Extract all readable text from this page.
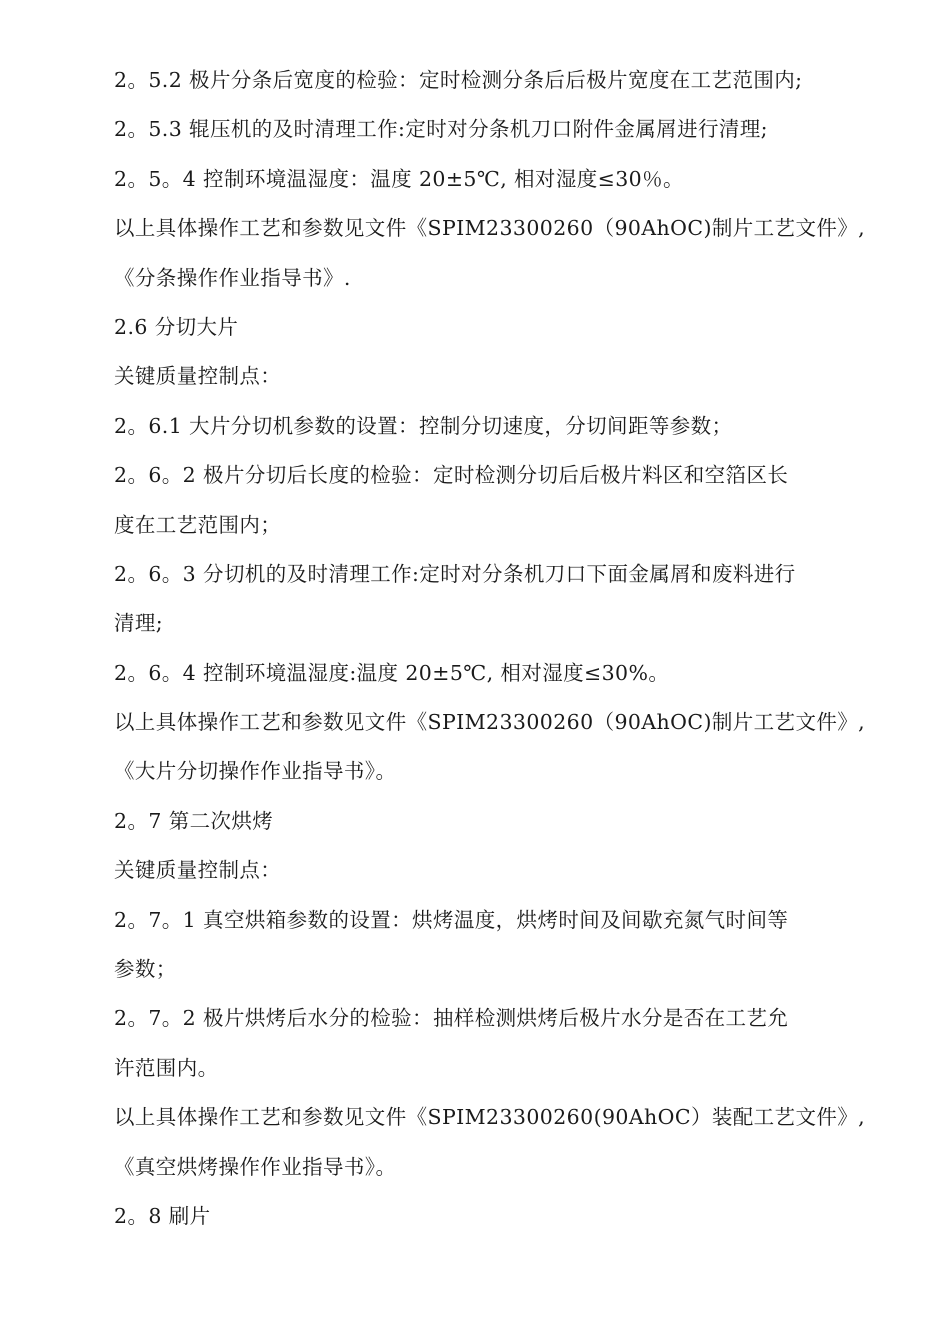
2。5.2 极片分条后宽度的检验：定时检测分条后后极片宽度在工艺范围内;
2。5.3 辊压机的及时清理工作:定时对分条机刀口附件金属屑进行清理;
2。5。4 控制环境温湿度：温度 20±5℃, 相对湿度≤30％。
以上具体操作工艺和参数见文件《SPIM23300260（90AhOC)制片工艺文件》,
《分条操作作业指导书》.
2.6 分切大片
关键质量控制点：
2。6.1 大片分切机参数的设置：控制分切速度，分切间距等参数；
2。6。2 极片分切后长度的检验：定时检测分切后后极片料区和空箔区长
度在工艺范围内；
2。6。3 分切机的及时清理工作:定时对分条机刀口下面金属屑和废料进行
清理;
2。6。4 控制环境温湿度:温度 20±5℃, 相对湿度≤30%。
以上具体操作工艺和参数见文件《SPIM23300260（90AhOC)制片工艺文件》,
《大片分切操作作业指导书》。
2。7 第二次烘烤
关键质量控制点：
2。7。1 真空烘箱参数的设置：烘烤温度，烘烤时间及间歇充氮气时间等
参数；
2。7。2 极片烘烤后水分的检验：抽样检测烘烤后极片水分是否在工艺允
许范围内。
以上具体操作工艺和参数见文件《SPIM23300260(90AhOC）装配工艺文件》,
《真空烘烤操作作业指导书》。
2。8 刷片
